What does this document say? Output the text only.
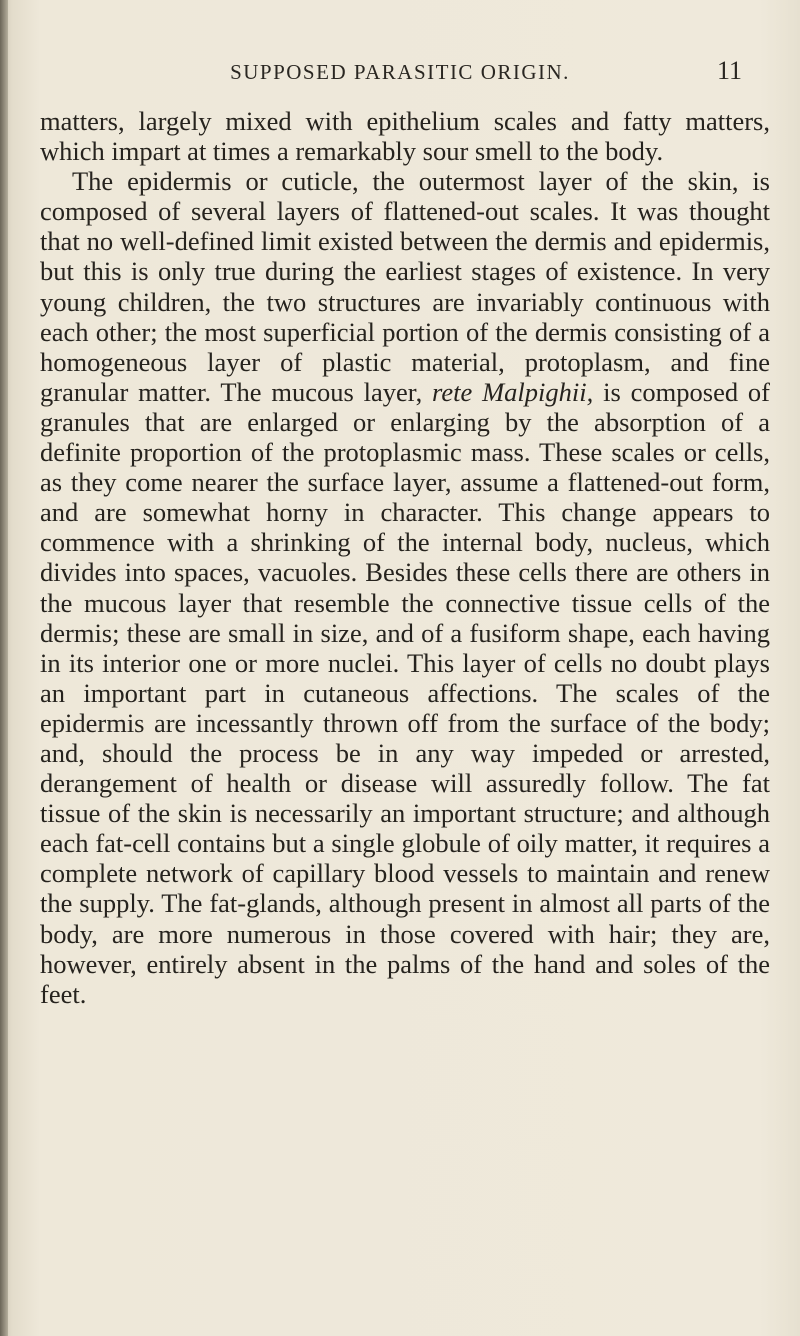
SUPPOSED PARASITIC ORIGIN.	11

matters, largely mixed with epithelium scales and fatty matters, which impart at times a remarkably sour smell to the body.

The epidermis or cuticle, the outermost layer of the skin, is composed of several layers of flattened-out scales. It was thought that no well-defined limit existed between the dermis and epidermis, but this is only true during the earliest stages of existence. In very young children, the two structures are invariably continuous with each other; the most superficial portion of the dermis consisting of a homogeneous layer of plastic material, protoplasm, and fine granular matter. The mucous layer, rete Malpighii, is composed of granules that are enlarged or enlarging by the absorption of a definite proportion of the protoplasmic mass. These scales or cells, as they come nearer the surface layer, assume a flattened-out form, and are somewhat horny in character. This change appears to commence with a shrinking of the internal body, nucleus, which divides into spaces, vacuoles. Besides these cells there are others in the mucous layer that resemble the connective tissue cells of the dermis; these are small in size, and of a fusiform shape, each having in its interior one or more nuclei. This layer of cells no doubt plays an important part in cutaneous affections. The scales of the epidermis are incessantly thrown off from the surface of the body; and, should the process be in any way impeded or arrested, derangement of health or disease will assuredly follow. The fat tissue of the skin is necessarily an important structure; and although each fat-cell contains but a single globule of oily matter, it requires a complete network of capillary blood vessels to maintain and renew the supply. The fat-glands, although present in almost all parts of the body, are more numerous in those covered with hair; they are, however, entirely absent in the palms of the hand and soles of the feet.
